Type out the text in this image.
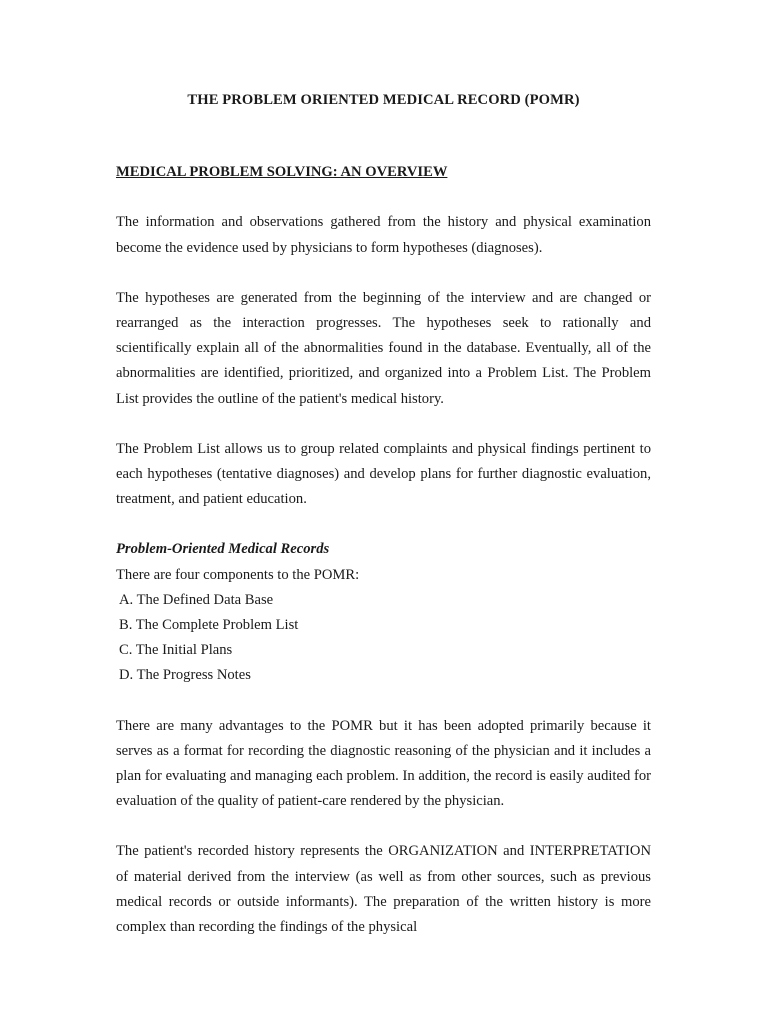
THE PROBLEM ORIENTED MEDICAL RECORD (POMR)
MEDICAL PROBLEM SOLVING: AN OVERVIEW

The information and observations gathered from the history and physical examination become the evidence used by physicians to form hypotheses (diagnoses).

The hypotheses are generated from the beginning of the interview and are changed or rearranged as the interaction progresses. The hypotheses seek to rationally and scientifically explain all of the abnormalities found in the database. Eventually, all of the abnormalities are identified, prioritized, and organized into a Problem List. The Problem List provides the outline of the patient's medical history.

The Problem List allows us to group related complaints and physical findings pertinent to each hypotheses (tentative diagnoses) and develop plans for further diagnostic evaluation, treatment, and patient education.

Problem-Oriented Medical Records
There are four components to the POMR:
A. The Defined Data Base
B. The Complete Problem List
C. The Initial Plans
D. The Progress Notes

There are many advantages to the POMR but it has been adopted primarily because it serves as a format for recording the diagnostic reasoning of the physician and it includes a plan for evaluating and managing each problem. In addition, the record is easily audited for evaluation of the quality of patient-care rendered by the physician.

The patient's recorded history represents the ORGANIZATION and INTERPRETATION of material derived from the interview (as well as from other sources, such as previous medical records or outside informants). The preparation of the written history is more complex than recording the findings of the physical
